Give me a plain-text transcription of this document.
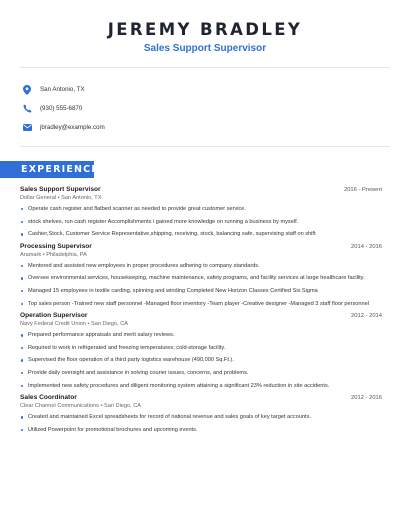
JEREMY BRADLEY
Sales Support Supervisor
San Antonio, TX
(930) 555-6870
jbradley@example.com
EXPERIENCE
Sales Support Supervisor	2016 - Present
Dollar General • San Antonio, TX
Operate cash register and flatbed scanner as needed to provide great customer service.
stock shelves, run cash register Accomplishments i gained more knowledge on running a business by myself.
Cashier,Stock, Customer Service Representative,shipping, receiving, stock, balancing safe, supervising staff on shift
Processing Supervisor	2014 - 2016
Aramark • Philadelphia, PA
Mentored and assisted new employees in proper procedures adhering to company standards.
Oversee environmental services, housekeeping, machine maintenance, safety programs, and facility services at large healthcare facility.
Managed 15 employees in textile carding, spinning and winding Completed New Horizon Classes Certified Six Sigma
Top sales person -Trained new staff personnel -Managed floor inventory -Team player -Creative designer -Managed 3 staff floor personnel
Operation Supervisor	2012 - 2014
Navy Federal Credit Union • San Diego, CA
Prepared performance appraisals and merit salary reviews.
Required to work in refrigerated and freezing temperatures; cold-storage facility.
Supervised the floor operation of a third party logistics warehouse (490,000 Sq.Ft.).
Provide daily oversight and assistance in solving courier issues, concerns, and problems.
Implemented new safety procedures and diligent monitoring system attaining a significant 23% reduction in site accidents.
Sales Coordinator	2012 - 2016
Clear Channel Communications • San Diego, CA
Created and maintained Excel spreadsheets for record of national revenue and sales goals of key target accounts.
Utilized Powerpoint for promotional brochures and upcoming events.
